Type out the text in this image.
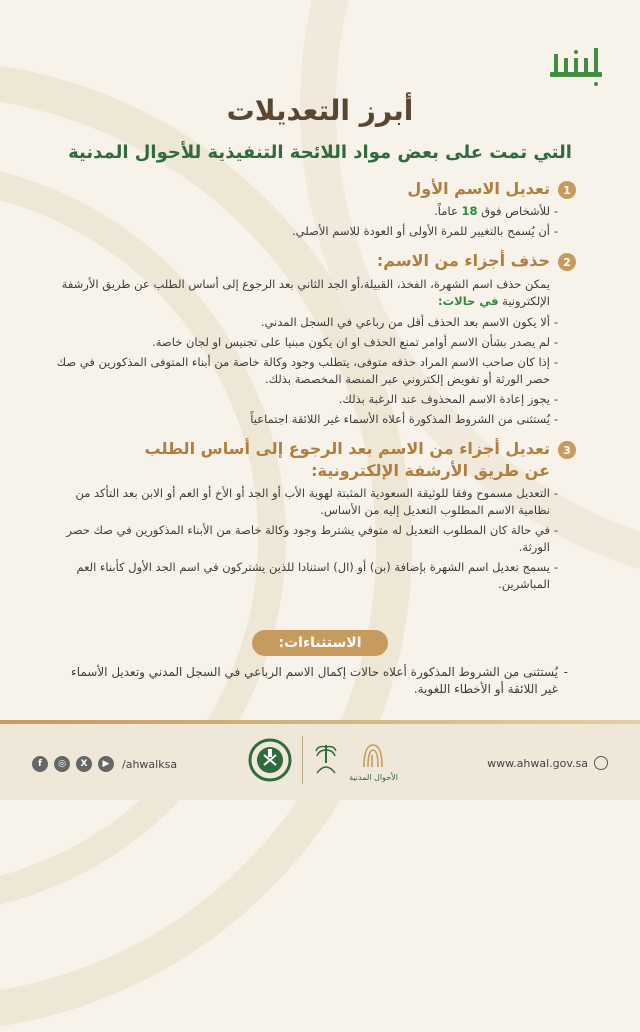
أبرز التعديلات
التي تمت على بعض مواد اللائحة التنفيذية للأحوال المدنية
1
تعديل الاسم الأول
- للأشخاص فوق 18 عاماً.
- أن يُسمح بالتغيير للمرة الأولى أو العودة للاسم الأصلي.
2
حذف أجزاء من الاسم:
يمكن حذف اسم الشهرة، الفخذ، القبيلة،أو الجد الثاني بعد الرجوع إلى أساس الطلب عن طريق الأرشفة الإلكترونية في حالات:
- ألا يكون الاسم بعد الحذف أقل من رباعي في السجل المدني.
- لم يصدر بشأن الاسم أوامر تمنع الحذف او ان يكون مبنيا على تجنيس او لجان خاصة.
- إذا كان صاحب الاسم المراد حذفه متوفى، يتطلب وجود وكالة خاصة من أبناء المتوفى المذكورين في صك حصر الورثة أو تفويض إلكتروني عبر المنصة المخصصة بذلك.
- يجوز إعادة الاسم المحذوف عند الرغبة بذلك.
- يُستثنى من الشروط المذكورة أعلاه الأسماء غير اللائقة اجتماعياً
3
تعديل أجزاء من الاسم بعد الرجوع إلى أساس الطلب
عن طريق الأرشفة الإلكترونية:
- التعديل مسموح وفقا للوثيقة السعودية المثبتة لهوية الأب أو الجد أو الأخ أو العم أو الابن بعد التأكد من نظامية الاسم المطلوب التعديل إليه من الأساس.
- في حالة كان المطلوب التعديل له متوفي يشترط وجود وكالة خاصة من الأبناء المذكورين في صك حصر الورثة.
- يسمح تعديل اسم الشهرة بإضافة (بن) أو (ال) استنادا للذين يشتركون في اسم الجد الأول كأبناء العم المباشرين.
الاستثناءات:
- يُستثنى من الشروط المذكورة أعلاه حالات إكمال الاسم الرباعي في السجل المدني وتعديل الأسماء غير اللائقة أو الأخطاء اللغوية.
f	◎	X	▶	/ahwalksa
الأحوال المدنية
www.ahwal.gov.sa
